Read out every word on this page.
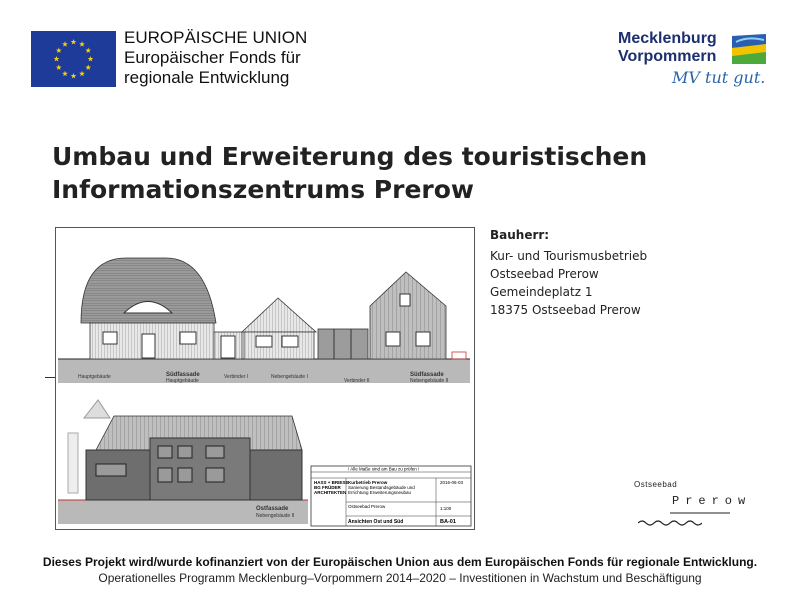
EUROPÄISCHE UNION
Europäischer Fonds für
regionale Entwicklung
Mecklenburg
Vorpommern
MV tut gut.
Umbau und Erweiterung des touristischen
Informationszentrums Prerow
Bauherr:
Kur- und Tourismusbetrieb
Ostseebad Prerow
Gemeindeplatz 1
18375 Ostseebad Prerow
Hauptgebäude	Südfassade
Hauptgebäude
Verbinder I	Nebengebäude I
Verbinder II
Südfassade
Nebengebäude II
Ostfassade
Nebengebäude II
! Alle Maße sind am Bau zu prüfen !
HASS + BRIESE
BG FRÜDER
ARCHITEKTEN
Kurbetrieb Prerow
Sanierung Bestandsgebäude und
Errichtung Erweiterungsneubau
Ostseebad Prerow
Ansichten Ost und Süd
2016-06-03
1:100
BA-01
Ostseebad
Prerow
Dieses Projekt wird/wurde kofinanziert von der Europäischen Union aus dem Europäischen Fonds für regionale Entwicklung.
Operationelles Programm Mecklenburg–Vorpommern 2014–2020 – Investitionen in Wachstum und Beschäftigung
